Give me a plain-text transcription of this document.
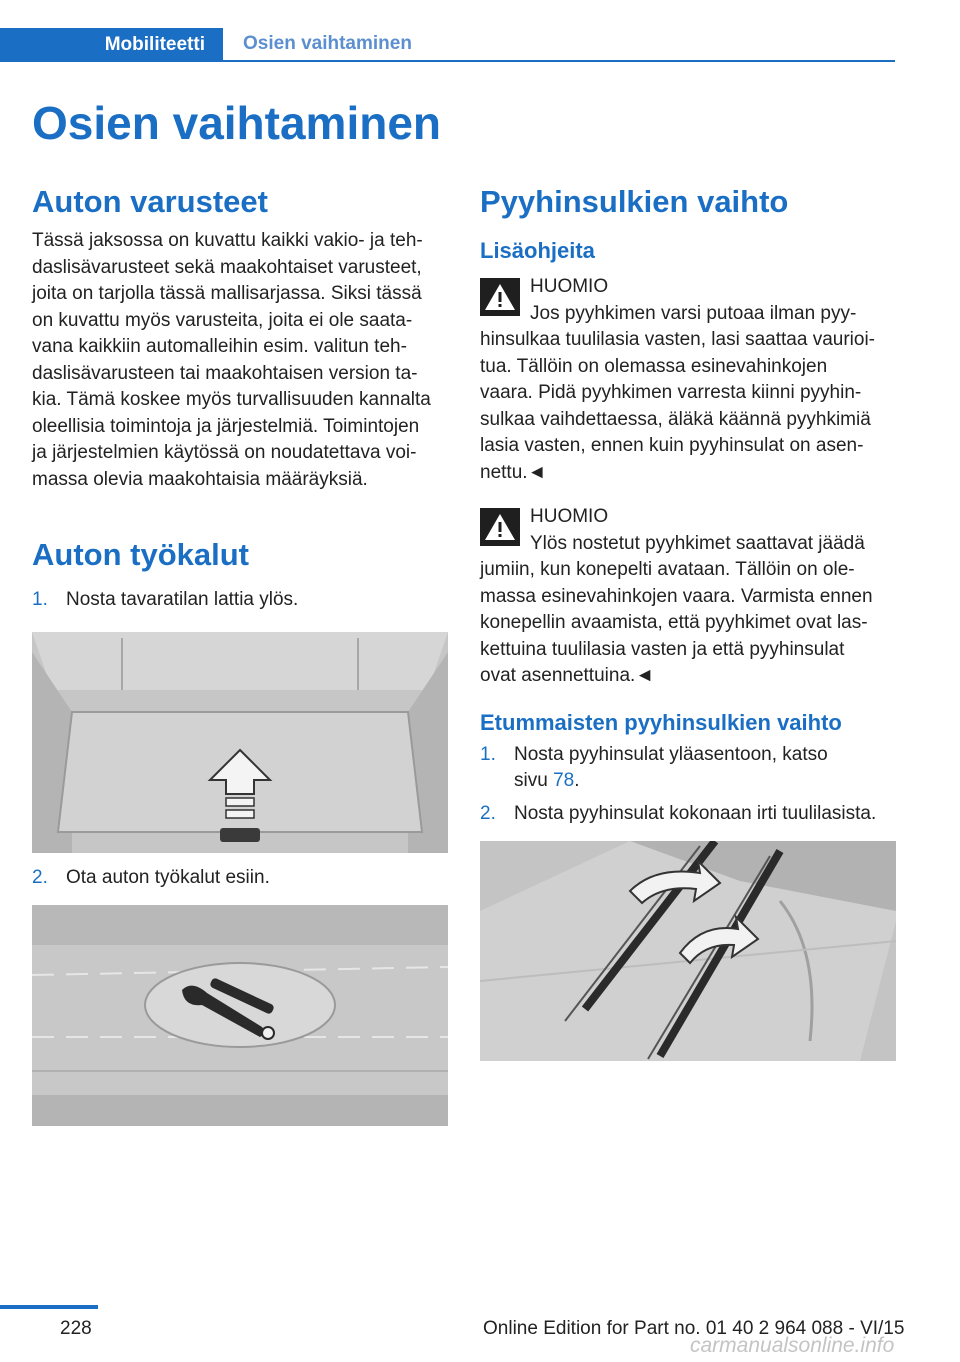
Mobiliteetti	Osien vaihtaminen
Osien vaihtaminen
Auton varusteet

Tässä jaksossa on kuvattu kaikki vakio- ja teh-
daslisävarusteet sekä maakohtaiset varusteet,
joita on tarjolla tässä mallisarjassa. Siksi tässä
on kuvattu myös varusteita, joita ei ole saata-
vana kaikkiin automalleihin esim. valitun teh-
daslisävarusteen tai maakohtaisen version ta-
kia. Tämä koskee myös turvallisuuden kannalta
oleellisia toimintoja ja järjestelmiä. Toimintojen
ja järjestelmien käytössä on noudatettava voi-
massa olevia maakohtaisia määräyksiä.

Auton työkalut
1. Nosta tavaratilan lattia ylös.
2. Ota auton työkalut esiin.
Pyyhinsulkien vaihto
Lisäohjeita
HUOMIO

Jos pyyhkimen varsi putoaa ilman pyy-
hinsulkaa tuulilasia vasten, lasi saattaa vaurioi-
tua. Tällöin on olemassa esinevahinkojen
vaara. Pidä pyyhkimen varresta kiinni pyyhin-
sulkaa vaihdettaessa, äläkä käännä pyyhkimiä
lasia vasten, ennen kuin pyyhinsulat on asen-
nettu.◄

HUOMIO

Ylös nostetut pyyhkimet saattavat jäädä
jumiin, kun konepelti avataan. Tällöin on ole-
massa esinevahinkojen vaara. Varmista ennen
konepellin avaamista, että pyyhkimet ovat las-
kettuina tuulilasia vasten ja että pyyhinsulat
ovat asennettuina.◄

Etummaisten pyyhinsulkien vaihto
1. Nosta pyyhinsulat yläasentoon, katso
sivu 78.
2. Nosta pyyhinsulat kokonaan irti tuulilasista.
228	Online Edition for Part no. 01 40 2 964 088 - VI/15
carmanualsonline.info
